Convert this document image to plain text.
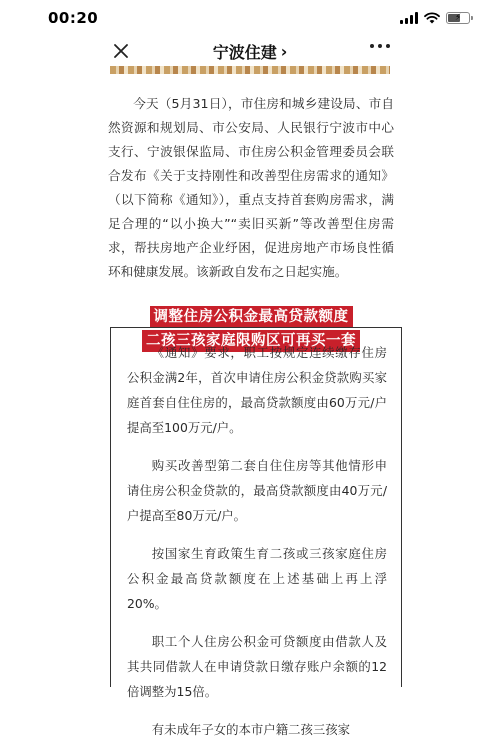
00:20	⚡
宁波住建 ›

今天（5月31日），市住房和城乡建设局、市自然资源和规划局、市公安局、人民银行宁波市中心支行、宁波银保监局、市住房公积金管理委员会联合发布《关于支持刚性和改善型住房需求的通知》（以下简称《通知》），重点支持首套购房需求，满足合理的“以小换大”“卖旧买新”等改善型住房需求，帮扶房地产企业纾困，促进房地产市场良性循环和健康发展。该新政自发布之日起实施。

调整住房公积金最高贷款额度 二孩三孩家庭限购区可再买一套

《通知》要求，职工按规定连续缴存住房公积金满2年，首次申请住房公积金贷款购买家庭首套自住住房的，最高贷款额度由60万元/户提高至100万元/户。

购买改善型第二套自住住房等其他情形申请住房公积金贷款的，最高贷款额度由40万元/户提高至80万元/户。

按国家生育政策生育二孩或三孩家庭住房公积金最高贷款额度在上述基础上再上浮20%。

职工个人住房公积金可贷额度由借款人及其共同借款人在申请贷款日缴存账户余额的12倍调整为15倍。

有未成年子女的本市户籍二孩三孩家
